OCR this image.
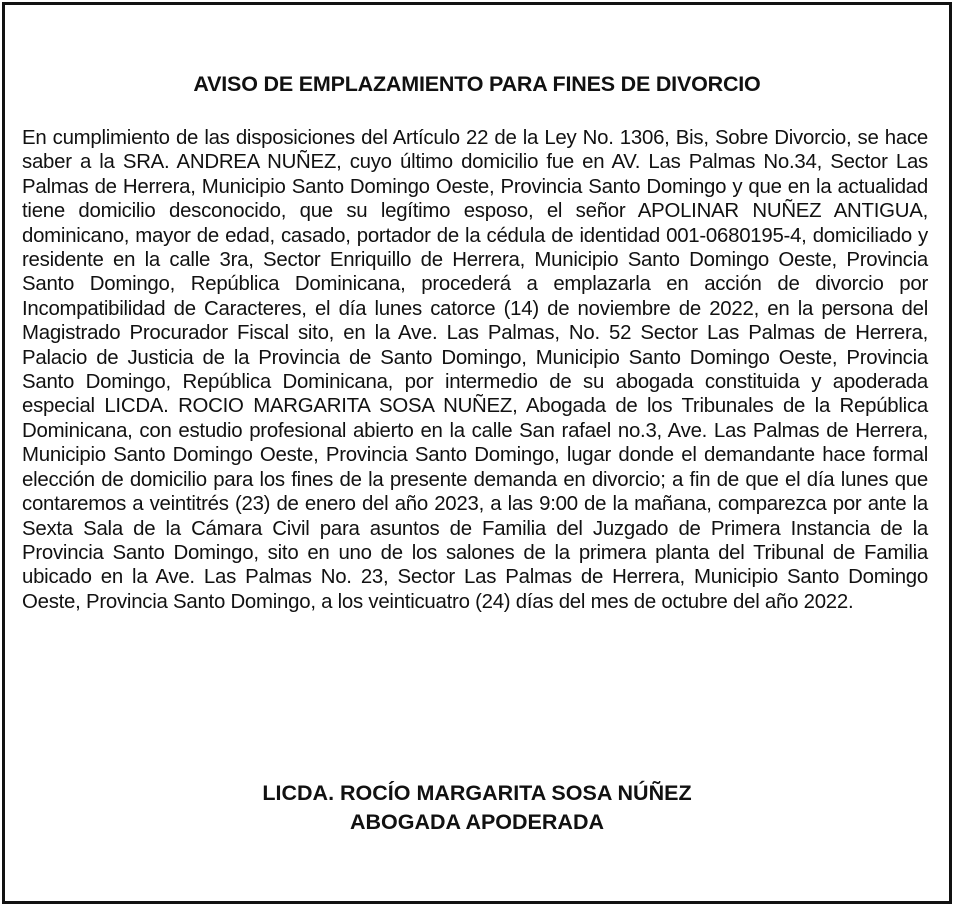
AVISO DE EMPLAZAMIENTO PARA FINES DE DIVORCIO

En cumplimiento de las disposiciones del Artículo 22 de la Ley No. 1306, Bis, Sobre Divorcio, se hace saber a la SRA. ANDREA NUÑEZ, cuyo último domicilio fue en AV. Las Palmas No.34, Sector Las Palmas de Herrera, Municipio Santo Domingo Oeste, Provincia Santo Domingo y que en la actualidad tiene domicilio desconocido, que su legítimo esposo, el señor APOLINAR NUÑEZ ANTIGUA, dominicano, mayor de edad, casado, portador de la cédula de identidad 001-0680195-4, domiciliado y residente en la calle 3ra, Sector Enriquillo de Herrera, Municipio Santo Domingo Oeste, Provincia Santo Domingo, República Dominicana, procederá a emplazarla en acción de divorcio por Incompatibilidad de Caracteres, el día lunes catorce (14) de noviembre de 2022, en la persona del Magistrado Procurador Fiscal sito, en la Ave. Las Palmas, No. 52 Sector Las Palmas de Herrera, Palacio de Justicia de la Provincia de Santo Domingo, Municipio Santo Domingo Oeste, Provincia Santo Domingo, República Dominicana, por intermedio de su abogada constituida y apoderada especial LICDA. ROCIO MARGARITA SOSA NUÑEZ, Abogada de los Tribunales de la República Dominicana, con estudio profesional abierto en la calle San rafael no.3, Ave. Las Palmas de Herrera, Municipio Santo Domingo Oeste, Provincia Santo Domingo, lugar donde el demandante hace formal elección de domicilio para los fines de la presente demanda en divorcio; a fin de que el día lunes que contaremos a veintitrés (23) de enero del año 2023, a las 9:00 de la mañana, comparezca por ante la Sexta Sala de la Cámara Civil para asuntos de Familia del Juzgado de Primera Instancia de la Provincia Santo Domingo, sito en uno de los salones de la primera planta del Tribunal de Familia ubicado en la Ave. Las Palmas No. 23, Sector Las Palmas de Herrera, Municipio Santo Domingo Oeste, Provincia Santo Domingo, a los veinticuatro (24) días del mes de octubre del año 2022.

LICDA. ROCÍO MARGARITA SOSA NÚÑEZ
ABOGADA APODERADA
